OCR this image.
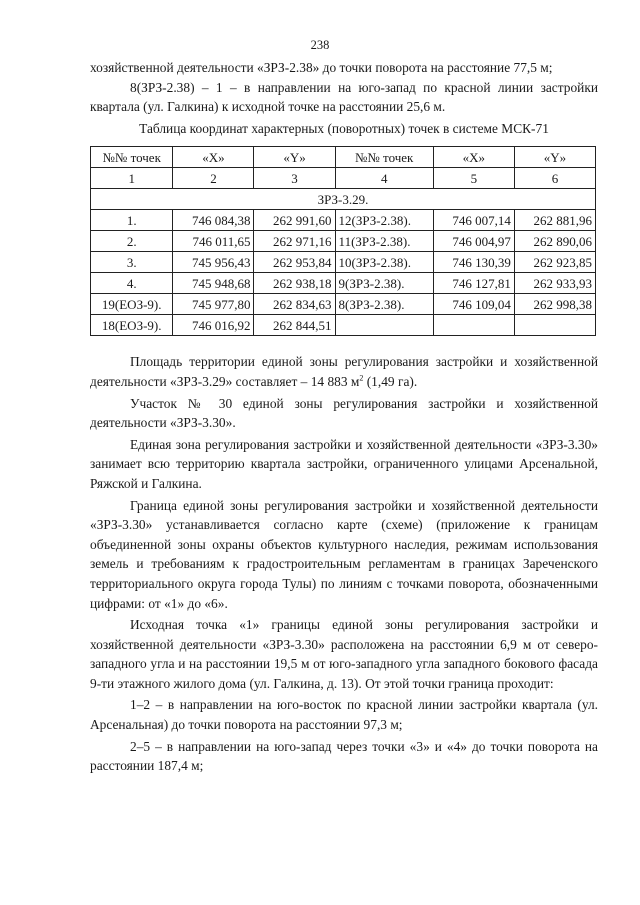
238

хозяйственной деятельности «ЗРЗ-2.38» до точки поворота на расстояние 77,5 м;

8(ЗРЗ-2.38) – 1 – в направлении на юго-запад по красной линии застройки квартала (ул. Галкина) к исходной точке на расстоянии 25,6 м.

Таблица координат характерных (поворотных) точек в системе МСК-71

№№ точек	«X»	«Y»	№№ точек	«X»	«Y»
1	2	3	4	5	6
ЗРЗ-3.29.					
1.	746 084,38	262 991,60	12(ЗРЗ-2.38).	746 007,14	262 881,96
2.	746 011,65	262 971,16	11(ЗРЗ-2.38).	746 004,97	262 890,06
3.	745 956,43	262 953,84	10(ЗРЗ-2.38).	746 130,39	262 923,85
4.	745 948,68	262 938,18	9(ЗРЗ-2.38).	746 127,81	262 933,93
19(ЕОЗ-9).	745 977,80	262 834,63	8(ЗРЗ-2.38).	746 109,04	262 998,38
18(ЕОЗ-9).	746 016,92	262 844,51			

Площадь территории единой зоны регулирования застройки и хозяйственной деятельности «ЗРЗ-3.29» составляет – 14 883 $м^2$ (1,49 га).

Участок № 30 единой зоны регулирования застройки и хозяйственной деятельности «ЗРЗ-3.30».

Единая зона регулирования застройки и хозяйственной деятельности «ЗРЗ-3.30» занимает всю территорию квартала застройки, ограниченного улицами Арсенальной, Ряжской и Галкина.

Граница единой зоны регулирования застройки и хозяйственной деятельности «ЗРЗ-3.30» устанавливается согласно карте (схеме) (приложение к границам объединенной зоны охраны объектов культурного наследия, режимам использования земель и требованиям к градостроительным регламентам в границах Зареченского территориального округа города Тулы) по линиям с точками поворота, обозначенными цифрами: от «1» до «6».

Исходная точка «1» границы единой зоны регулирования застройки и хозяйственной деятельности «ЗРЗ-3.30» расположена на расстоянии 6,9 м от северо-западного угла и на расстоянии 19,5 м от юго-западного угла западного бокового фасада 9-ти этажного жилого дома (ул. Галкина, д. 13). От этой точки граница проходит:

1–2 – в направлении на юго-восток по красной линии застройки квартала (ул. Арсенальная) до точки поворота на расстоянии 97,3 м;

2–5 – в направлении на юго-запад через точки «3» и «4» до точки поворота на расстоянии 187,4 м;
